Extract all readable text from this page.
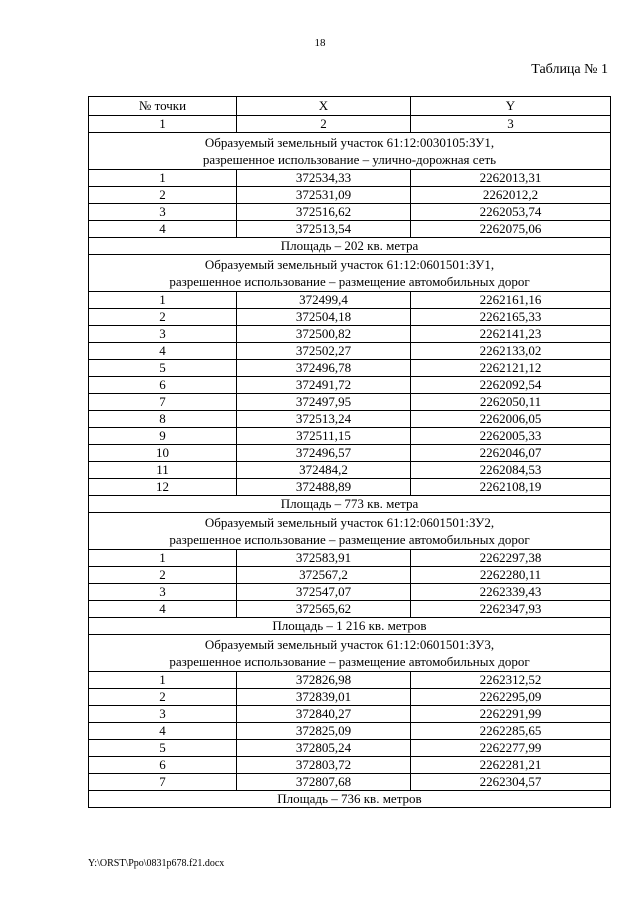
18
Таблица № 1
№ точки	X	Y
1	2	3

Образуемый земельный участок 61:12:0030105:ЗУ1,
разрешенное использование – улично-дорожная сеть		

1	372534,33	2262013,31
2	372531,09	2262012,2
3	372516,62	2262053,74
4	372513,54	2262075,06
Площадь – 202 кв. метра		

Образуемый земельный участок 61:12:0601501:ЗУ1,
разрешенное использование – размещение автомобильных дорог		

1	372499,4	2262161,16
2	372504,18	2262165,33
3	372500,82	2262141,23
4	372502,27	2262133,02
5	372496,78	2262121,12
6	372491,72	2262092,54
7	372497,95	2262050,11
8	372513,24	2262006,05
9	372511,15	2262005,33
10	372496,57	2262046,07
11	372484,2	2262084,53
12	372488,89	2262108,19
Площадь – 773 кв. метра		

Образуемый земельный участок 61:12:0601501:ЗУ2,
разрешенное использование – размещение автомобильных дорог		

1	372583,91	2262297,38
2	372567,2	2262280,11
3	372547,07	2262339,43
4	372565,62	2262347,93
Площадь – 1 216 кв. метров		

Образуемый земельный участок 61:12:0601501:ЗУ3,
разрешенное использование – размещение автомобильных дорог		

1	372826,98	2262312,52
2	372839,01	2262295,09
3	372840,27	2262291,99
4	372825,09	2262285,65
5	372805,24	2262277,99
6	372803,72	2262281,21
7	372807,68	2262304,57
Площадь – 736 кв. метров		
Y:\ORST\Ppo\0831p678.f21.docx
